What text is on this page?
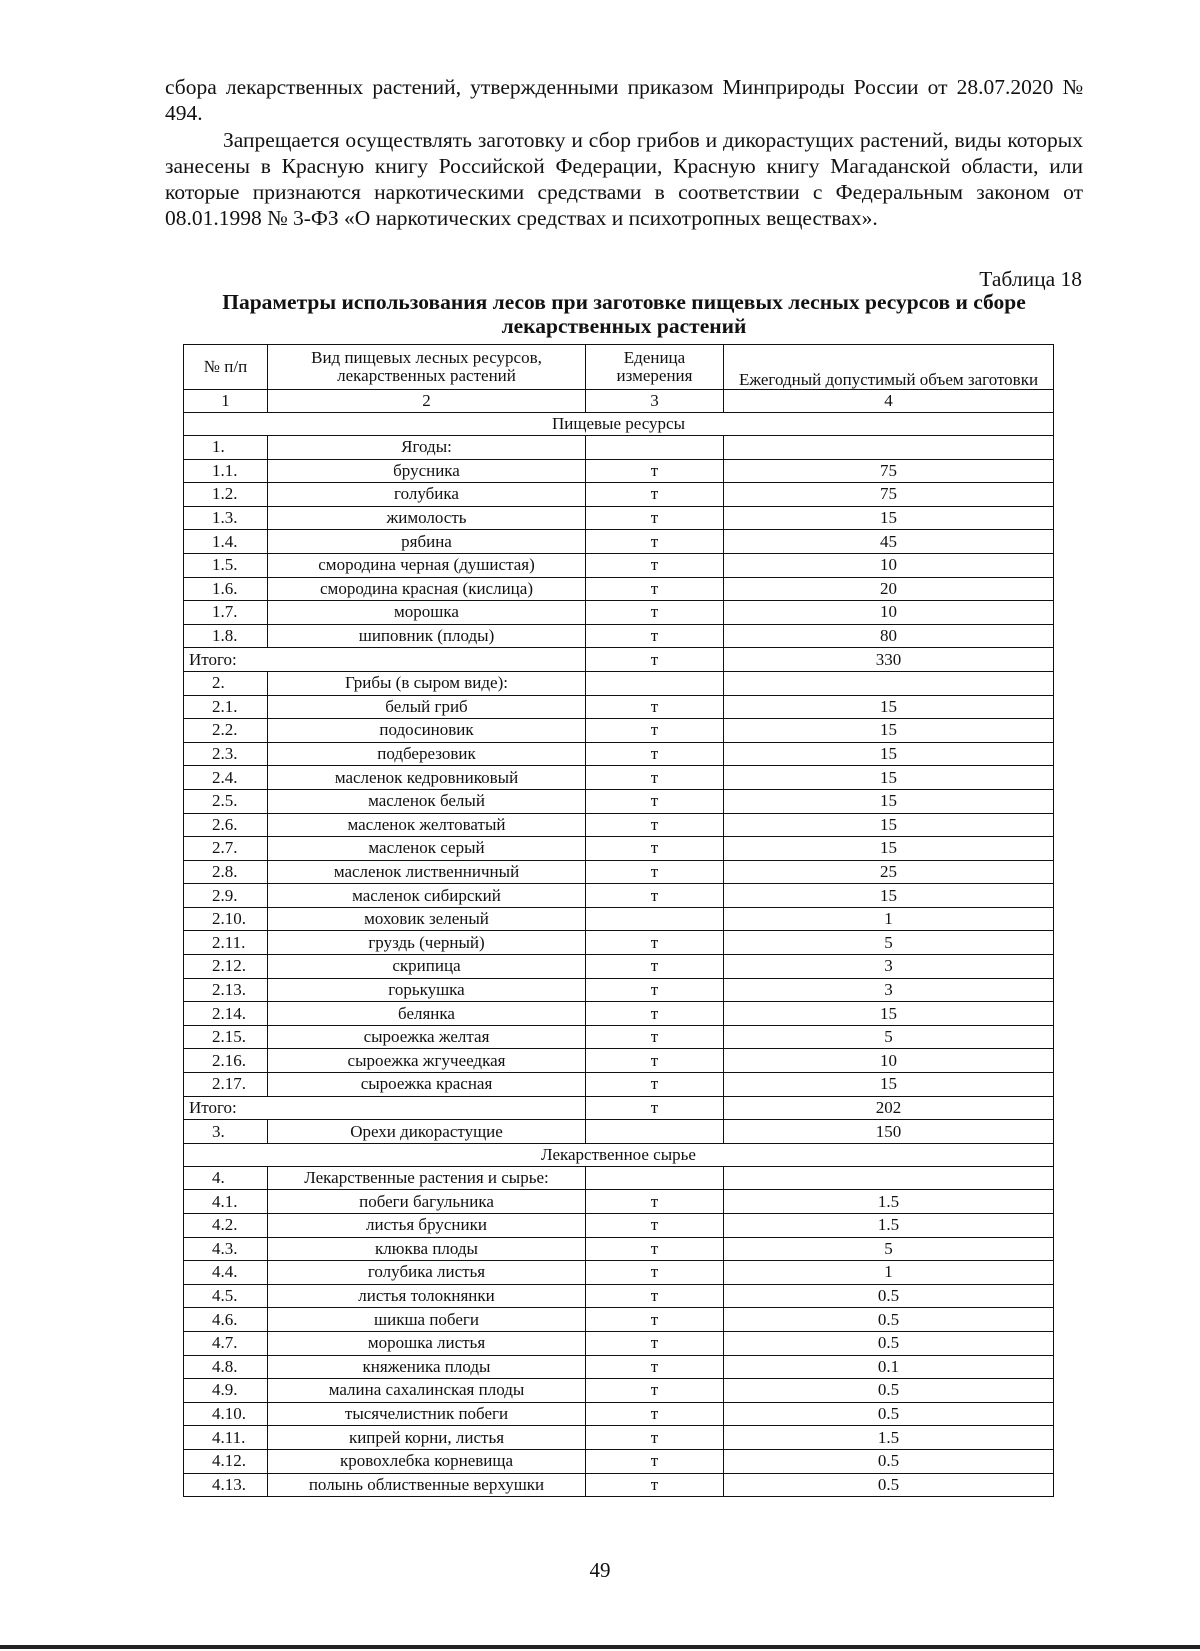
сбора лекарственных растений, утвержденными приказом Минприроды России от 28.07.2020 № 494.
Запрещается осуществлять заготовку и сбор грибов и дикорастущих растений, виды которых занесены в Красную книгу Российской Федерации, Красную книгу Магаданской области, или которые признаются наркотическими средствами в соответствии с Федеральным законом от 08.01.1998 № 3-ФЗ «О наркотических средствах и психотропных веществах».
Таблица 18
Параметры использования лесов при заготовке пищевых лесных ресурсов и сборе лекарственных растений
№ п/п	Вид пищевых лесных ресурсов, лекарственных растений	Еденица измерения	Ежегодный допустимый объем заготовки
1	2	3	4
Пищевые ресурсы			
1.	Ягоды:		
1.1.	брусника	т	75
1.2.	голубика	т	75
1.3.	жимолость	т	15
1.4.	рябина	т	45
1.5.	смородина черная (душистая)	т	10
1.6.	смородина красная (кислица)	т	20
1.7.	морошка	т	10
1.8.	шиповник (плоды)	т	80
Итого:		т	330
2.	Грибы (в сыром виде):		
2.1.	белый гриб	т	15
2.2.	подосиновик	т	15
2.3.	подберезовик	т	15
2.4.	масленок кедровниковый	т	15
2.5.	масленок белый	т	15
2.6.	масленок желтоватый	т	15
2.7.	масленок серый	т	15
2.8.	масленок лиственничный	т	25
2.9.	масленок сибирский	т	15
2.10.	моховик зеленый		1
2.11.	груздь (черный)	т	5
2.12.	скрипица	т	3
2.13.	горькушка	т	3
2.14.	белянка	т	15
2.15.	сыроежка желтая	т	5
2.16.	сыроежка жгучеедкая	т	10
2.17.	сыроежка красная	т	15
Итого:		т	202
3.	Орехи дикорастущие		150
Лекарственное сырье			
4.	Лекарственные растения и сырье:		
4.1.	побеги багульника	т	1.5
4.2.	листья брусники	т	1.5
4.3.	клюква плоды	т	5
4.4.	голубика листья	т	1
4.5.	листья толокнянки	т	0.5
4.6.	шикша побеги	т	0.5
4.7.	морошка листья	т	0.5
4.8.	княженика плоды	т	0.1
4.9.	малина сахалинская плоды	т	0.5
4.10.	тысячелистник побеги	т	0.5
4.11.	кипрей корни, листья	т	1.5
4.12.	кровохлебка корневища	т	0.5
4.13.	полынь облиственные верхушки	т	0.5
49
